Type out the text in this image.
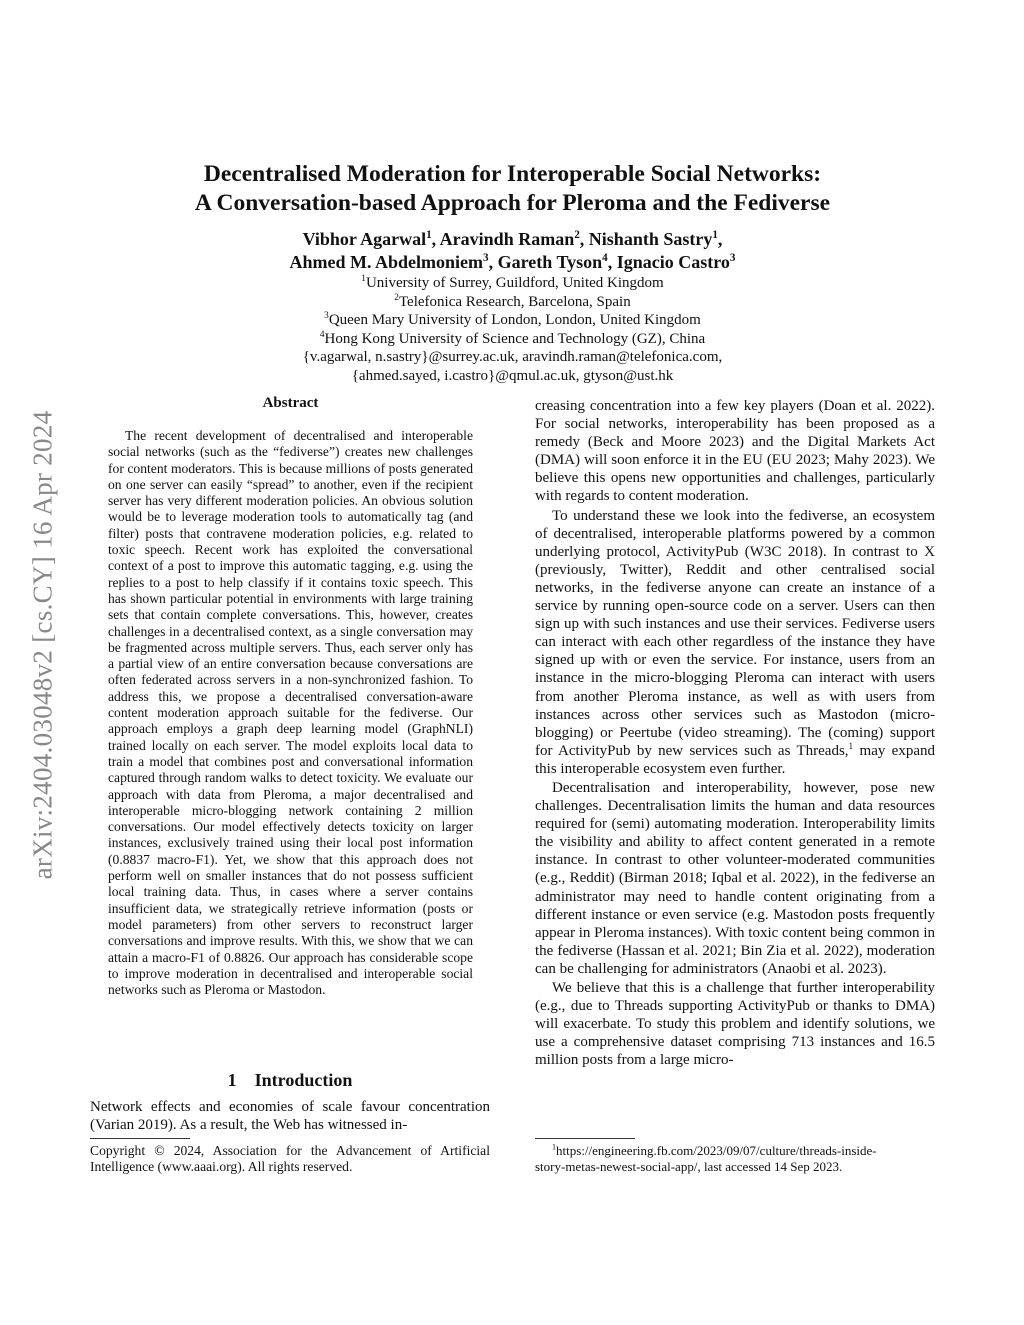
arXiv:2404.03048v2 [cs.CY] 16 Apr 2024
Decentralised Moderation for Interoperable Social Networks:
A Conversation-based Approach for Pleroma and the Fediverse
Vibhor Agarwal$^1$, Aravindh Raman$^2$, Nishanth Sastry$^1$,
Ahmed M. Abdelmoniem$^3$, Gareth Tyson$^4$, Ignacio Castro$^3$
$^1$University of Surrey, Guildford, United Kingdom
$^2$Telefonica Research, Barcelona, Spain
$^3$Queen Mary University of London, London, United Kingdom
$^4$Hong Kong University of Science and Technology (GZ), China
{v.agarwal, n.sastry}@surrey.ac.uk, aravindh.raman@telefonica.com,
{ahmed.sayed, i.castro}@qmul.ac.uk, gtyson@ust.hk
Abstract

The recent development of decentralised and interoperable social networks (such as the “fediverse”) creates new challenges for content moderators. This is because millions of posts generated on one server can easily “spread” to another, even if the recipient server has very different moderation policies. An obvious solution would be to leverage moderation tools to automatically tag (and filter) posts that contravene moderation policies, e.g. related to toxic speech. Recent work has exploited the conversational context of a post to improve this automatic tagging, e.g. using the replies to a post to help classify if it contains toxic speech. This has shown particular potential in environments with large training sets that contain complete conversations. This, however, creates challenges in a decentralised context, as a single conversation may be fragmented across multiple servers. Thus, each server only has a partial view of an entire conversation because conversations are often federated across servers in a non-synchronized fashion. To address this, we propose a decentralised conversation-aware content moderation approach suitable for the fediverse. Our approach employs a graph deep learning model (GraphNLI) trained locally on each server. The model exploits local data to train a model that combines post and conversational information captured through random walks to detect toxicity. We evaluate our approach with data from Pleroma, a major decentralised and interoperable micro-blogging network containing 2 million conversations. Our model effectively detects toxicity on larger instances, exclusively trained using their local post information (0.8837 macro-F1). Yet, we show that this approach does not perform well on smaller instances that do not possess sufficient local training data. Thus, in cases where a server contains insufficient data, we strategically retrieve information (posts or model parameters) from other servers to reconstruct larger conversations and improve results. With this, we show that we can attain a macro-F1 of 0.8826. Our approach has considerable scope to improve moderation in decentralised and interoperable social networks such as Pleroma or Mastodon.

1 Introduction

Network effects and economies of scale favour concentration (Varian 2019). As a result, the Web has witnessed in-

Copyright © 2024, Association for the Advancement of Artificial Intelligence (www.aaai.org). All rights reserved.

creasing concentration into a few key players (Doan et al. 2022). For social networks, interoperability has been proposed as a remedy (Beck and Moore 2023) and the Digital Markets Act (DMA) will soon enforce it in the EU (EU 2023; Mahy 2023). We believe this opens new opportunities and challenges, particularly with regards to content moderation.

To understand these we look into the fediverse, an ecosystem of decentralised, interoperable platforms powered by a common underlying protocol, ActivityPub (W3C 2018). In contrast to X (previously, Twitter), Reddit and other centralised social networks, in the fediverse anyone can create an instance of a service by running open-source code on a server. Users can then sign up with such instances and use their services. Fediverse users can interact with each other regardless of the instance they have signed up with or even the service. For instance, users from an instance in the micro-blogging Pleroma can interact with users from another Pleroma instance, as well as with users from instances across other services such as Mastodon (micro-blogging) or Peertube (video streaming). The (coming) support for ActivityPub by new services such as Threads,$^1$ may expand this interoperable ecosystem even further.

Decentralisation and interoperability, however, pose new challenges. Decentralisation limits the human and data resources required for (semi) automating moderation. Interoperability limits the visibility and ability to affect content generated in a remote instance. In contrast to other volunteer-moderated communities (e.g., Reddit) (Birman 2018; Iqbal et al. 2022), in the fediverse an administrator may need to handle content originating from a different instance or even service (e.g. Mastodon posts frequently appear in Pleroma instances). With toxic content being common in the fediverse (Hassan et al. 2021; Bin Zia et al. 2022), moderation can be challenging for administrators (Anaobi et al. 2023).

We believe that this is a challenge that further interoperability (e.g., due to Threads supporting ActivityPub or thanks to DMA) will exacerbate. To study this problem and identify solutions, we use a comprehensive dataset comprising 713 instances and 16.5 million posts from a large micro-

$^1$https://engineering.fb.com/2023/09/07/culture/threads-inside-
story-metas-newest-social-app/, last accessed 14 Sep 2023.
